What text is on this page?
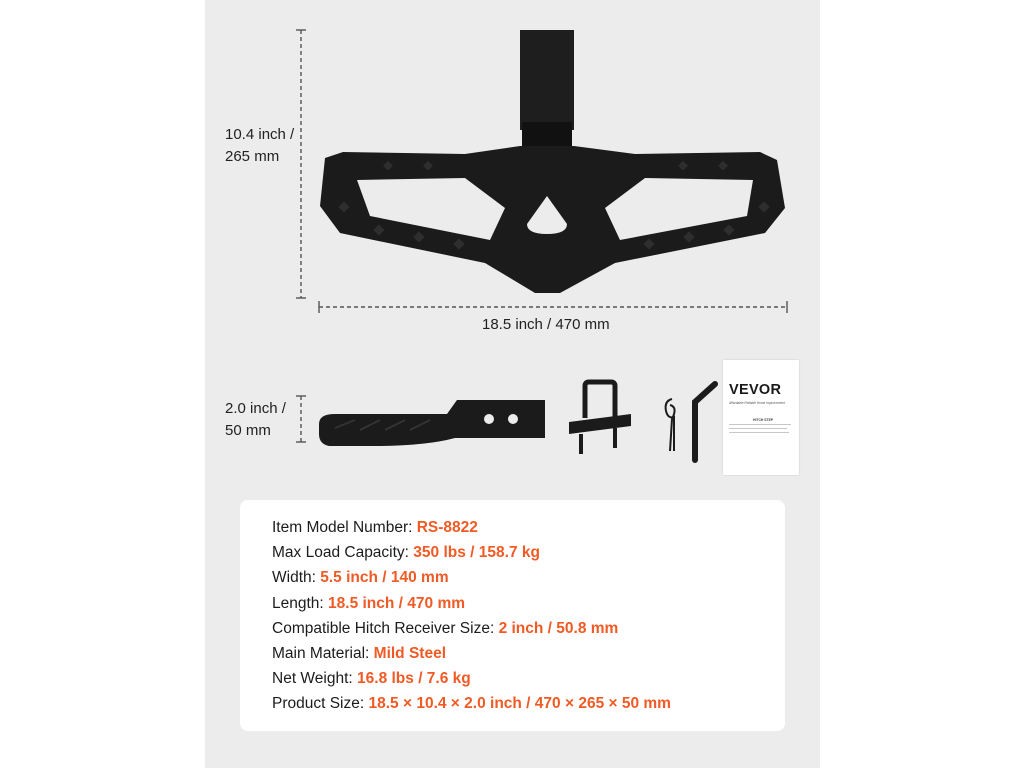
10.4 inch /
265 mm
18.5 inch / 470 mm
2.0 inch /
50 mm
VEVOR
Affordable Reliable Home Improvement
HITCH STEP
Item Model Number: RS-8822
Max Load Capacity: 350 lbs / 158.7 kg
Width: 5.5 inch / 140 mm
Length: 18.5 inch / 470 mm
Compatible Hitch Receiver Size: 2 inch / 50.8 mm
Main Material: Mild Steel
Net Weight: 16.8 lbs / 7.6 kg
Product Size: 18.5 × 10.4 × 2.0 inch / 470 × 265 × 50 mm
